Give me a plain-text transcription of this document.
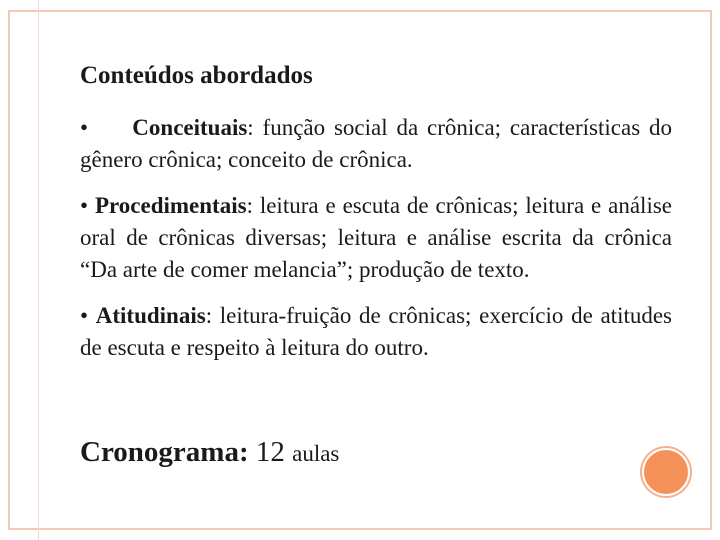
Conteúdos abordados

• Conceituais: função social da crônica; características do gênero crônica; conceito de crônica.

• Procedimentais: leitura e escuta de crônicas; leitura e análise oral de crônicas diversas; leitura e análise escrita da crônica “Da arte de comer melancia”; produção de texto.

• Atitudinais: leitura-fruição de crônicas; exercício de atitudes de escuta e respeito à leitura do outro.

Cronograma: 12 aulas
